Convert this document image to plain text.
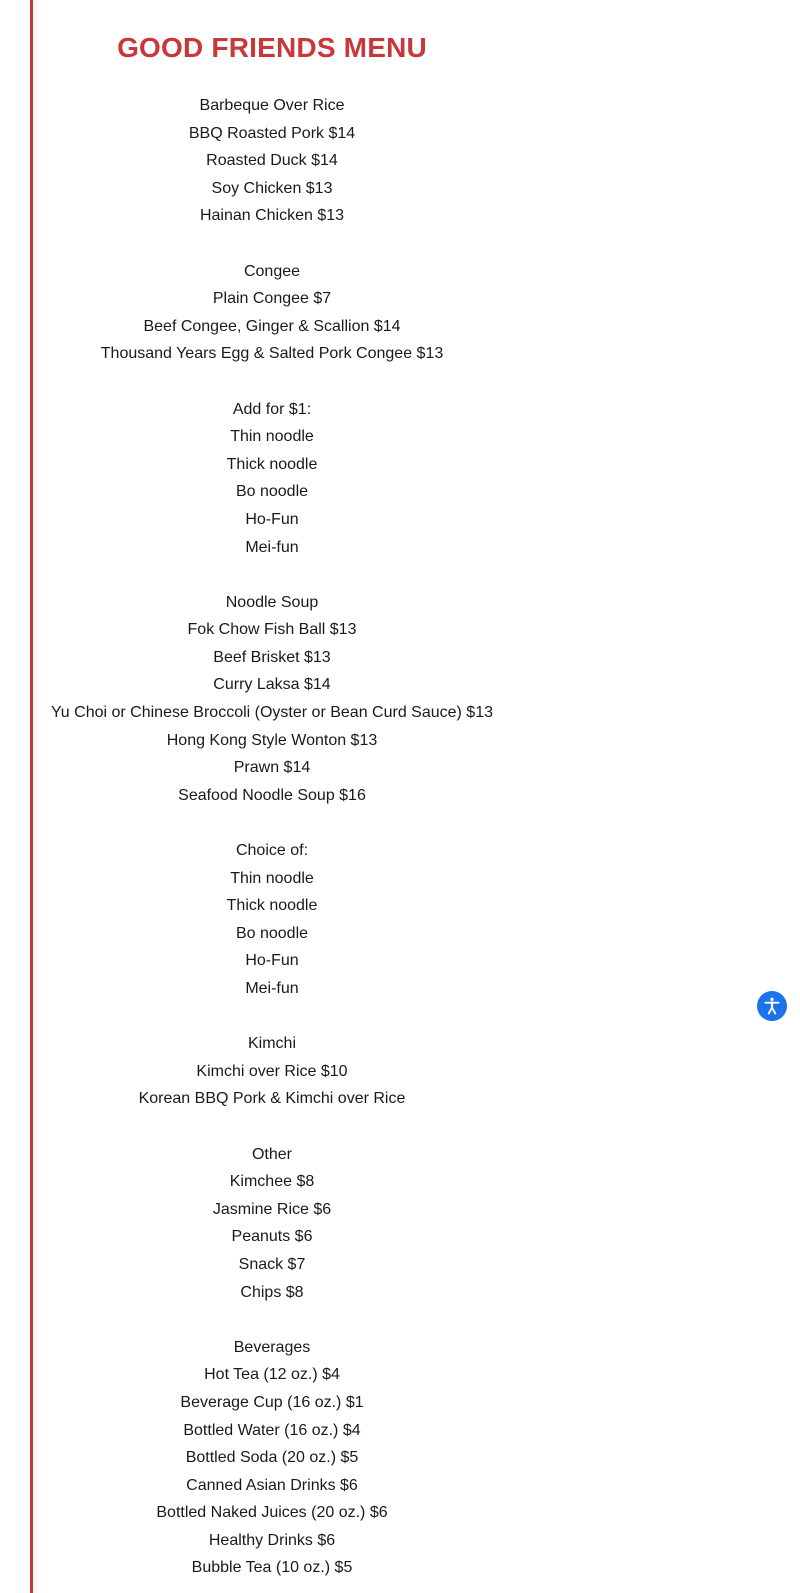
GOOD FRIENDS MENU
Barbeque Over Rice
BBQ Roasted Pork $14
Roasted Duck $14
Soy Chicken $13
Hainan Chicken $13
Congee
Plain Congee $7
Beef Congee, Ginger & Scallion $14
Thousand Years Egg & Salted Pork Congee $13
Add for $1:
Thin noodle
Thick noodle
Bo noodle
Ho-Fun
Mei-fun
Noodle Soup
Fok Chow Fish Ball $13
Beef Brisket $13
Curry Laksa $14
Yu Choi or Chinese Broccoli (Oyster or Bean Curd Sauce) $13
Hong Kong Style Wonton $13
Prawn $14
Seafood Noodle Soup $16
Choice of:
Thin noodle
Thick noodle
Bo noodle
Ho-Fun
Mei-fun
Kimchi
Kimchi over Rice $10
Korean BBQ Pork & Kimchi over Rice
Other
Kimchee $8
Jasmine Rice $6
Peanuts $6
Snack $7
Chips $8
Beverages
Hot Tea (12 oz.) $4
Beverage Cup (16 oz.) $1
Bottled Water (16 oz.) $4
Bottled Soda (20 oz.) $5
Canned Asian Drinks $6
Bottled Naked Juices (20 oz.) $6
Healthy Drinks $6
Bubble Tea (10 oz.) $5
